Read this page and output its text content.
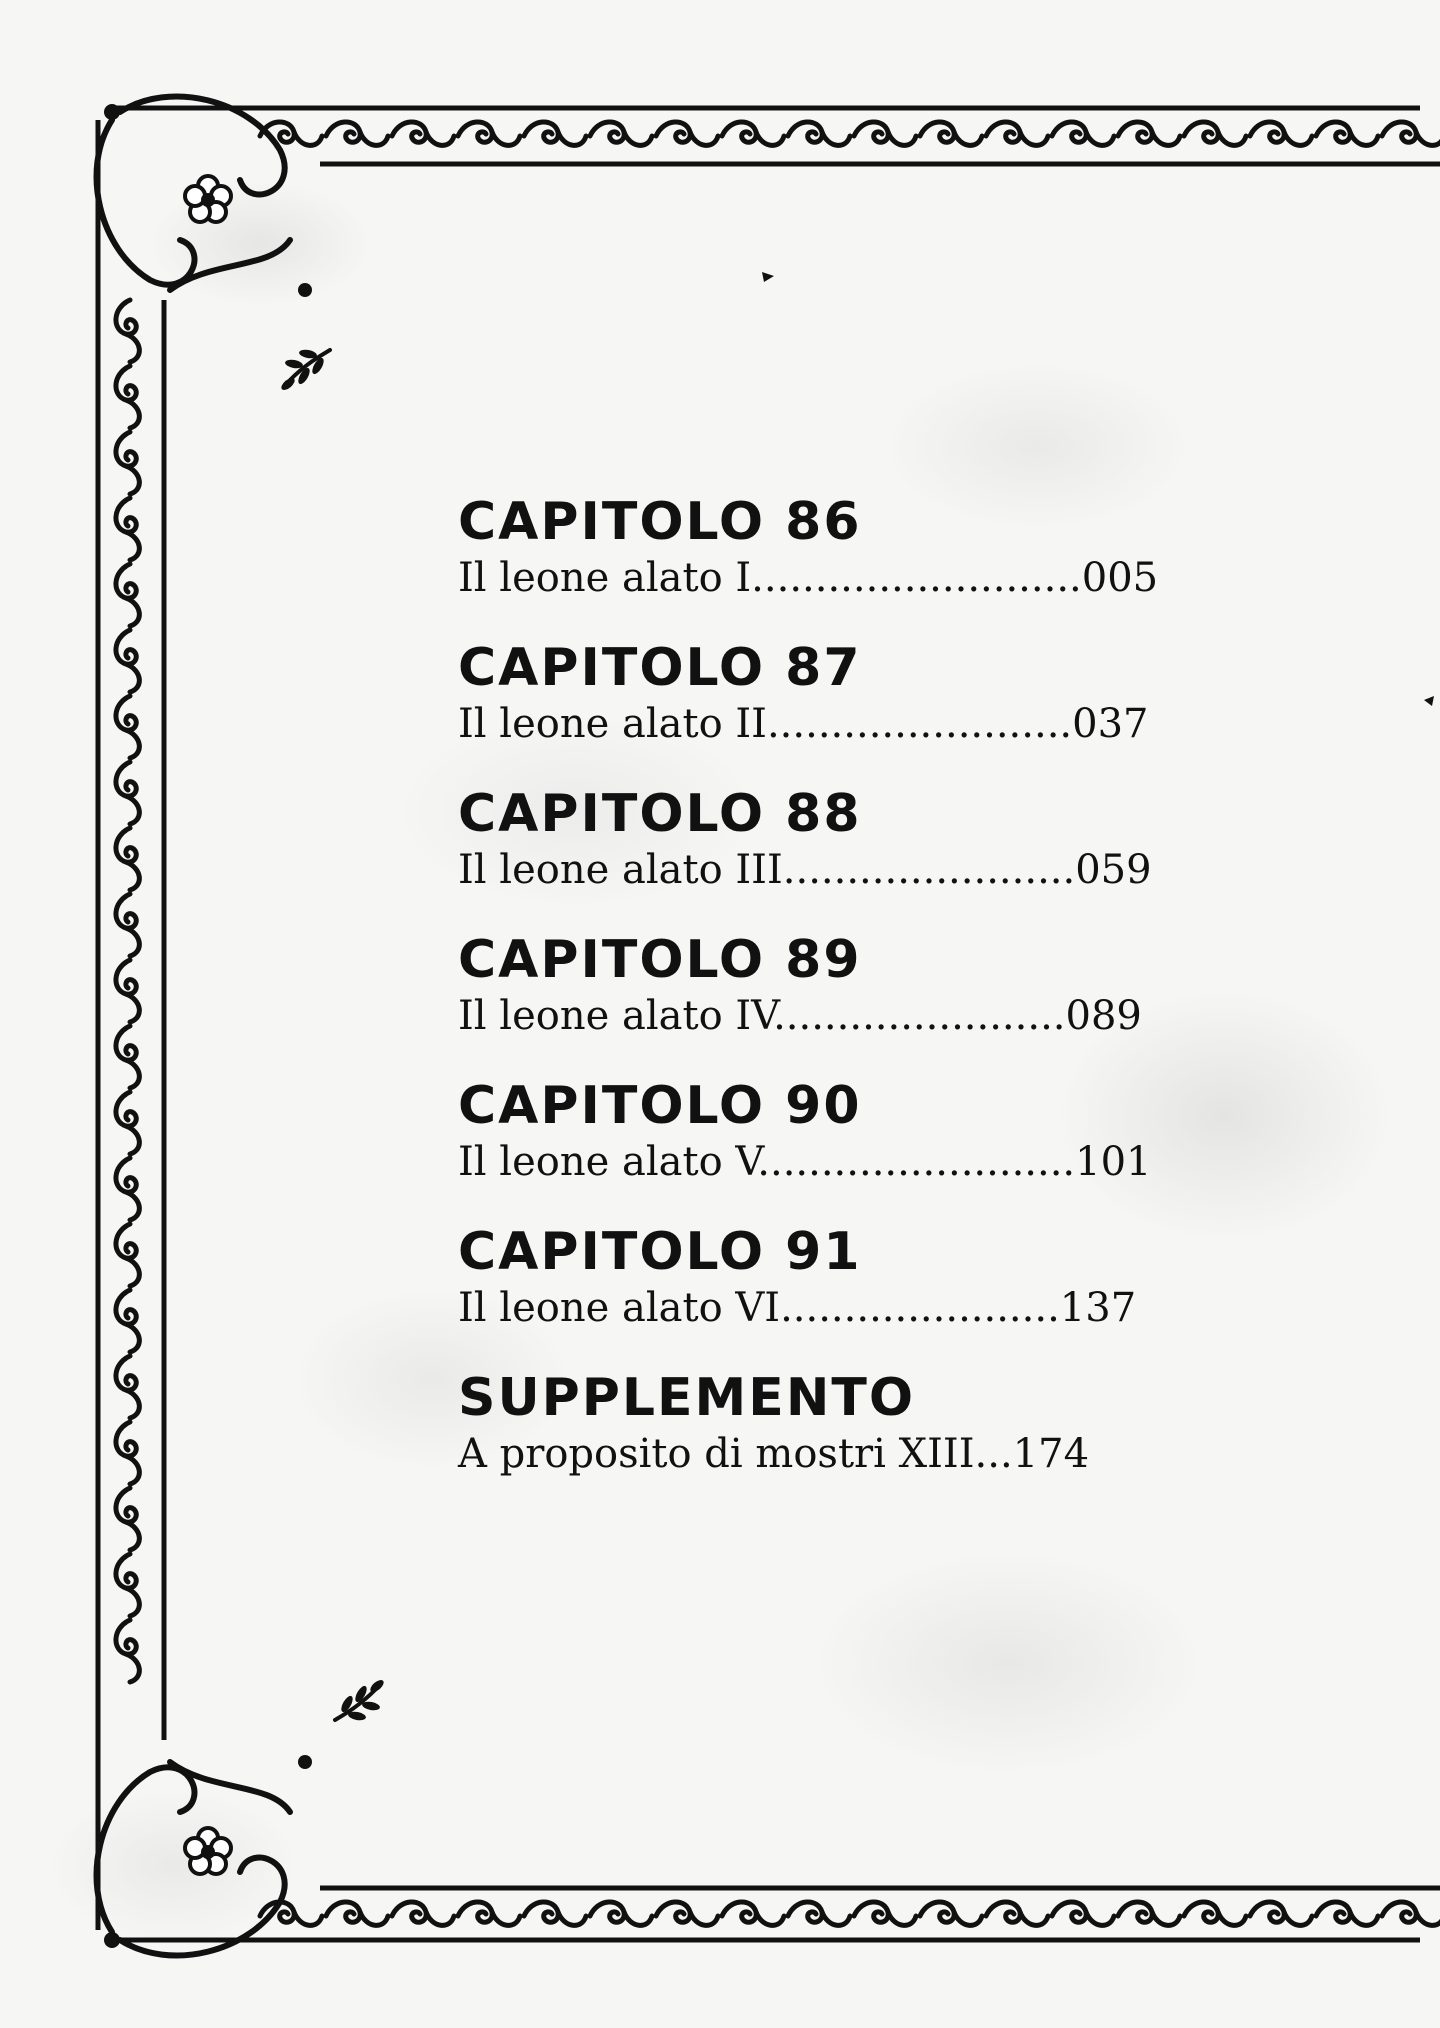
CAPITOLO 86

Il leone alato I..........................005

CAPITOLO 87

Il leone alato II........................037

CAPITOLO 88

Il leone alato III.......................059

CAPITOLO 89

Il leone alato IV.......................089

CAPITOLO 90

Il leone alato V.........................101

CAPITOLO 91

Il leone alato VI......................137

SUPPLEMENTO

A proposito di mostri XIII...174
